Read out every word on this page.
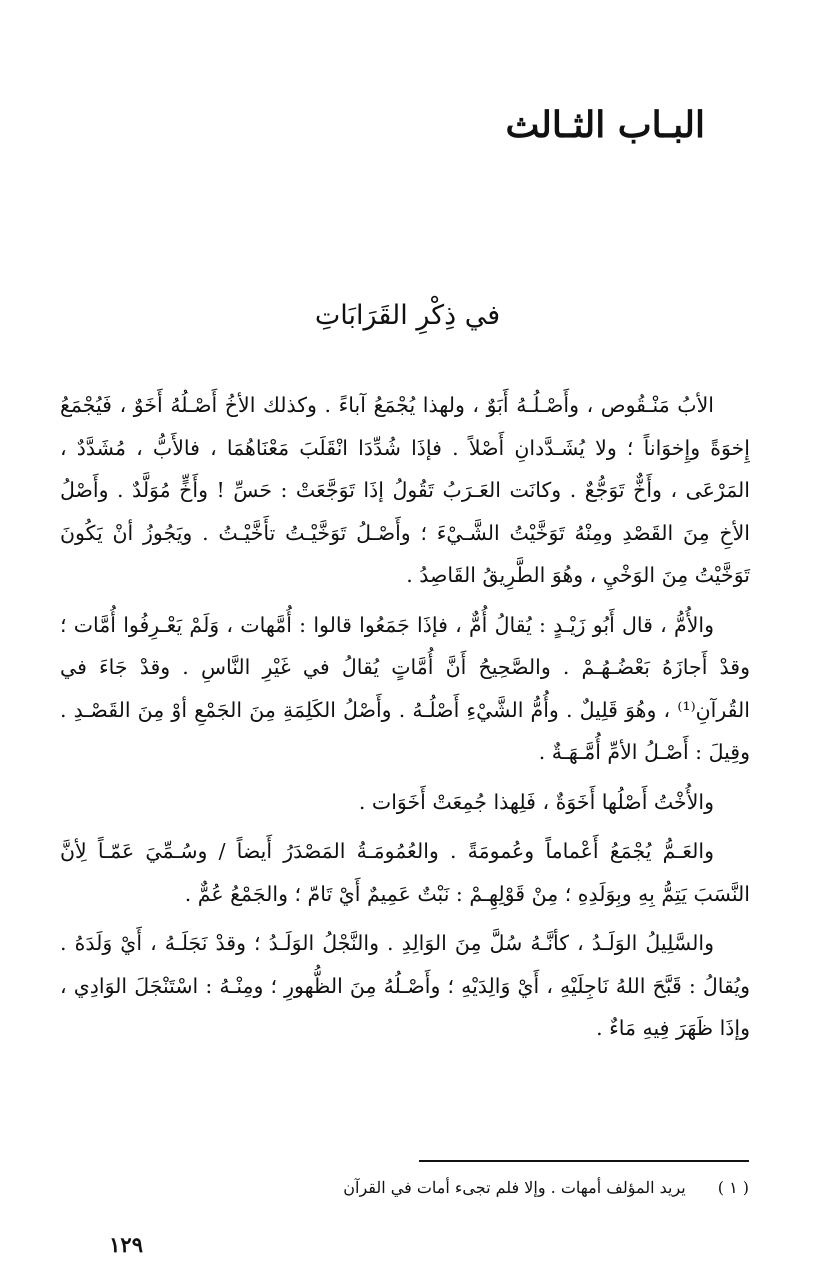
البـاب الثـالث
في ذِكْرِ القَرَابَاتِ

الأبُ مَنْـقُوص ، وأَصْـلُـهُ أَبَوٌ ، ولهذا يُجْمَعُ آباءً . وكذلك الأخُ أَصْـلُهُ أَخَوٌ ، فَيُجْمَعُ إِخوَةً وإِخوَاناً ؛ ولا يُشَـدَّدانِ أَصْلاً . فإذَا شُدِّدَا انْقَلَبَ مَعْنَاهُمَا ، فالأَبُّ ، مُشَدَّدٌ ، المَرْعَى ، وأَخٌّ تَوَجُّعٌ . وكانَت العَـرَبُ تَقُولُ إذَا تَوَجَّعَتْ : حَسِّ ! وأَخٍّ مُوَلَّدٌ . وأَصْلُ الأخِ مِنَ القَصْدِ ومِنْهُ تَوَخَّيْتُ الشَّـيْءَ ؛ وأَصْـلُ تَوَخَّيْـتُ تأَخَّيْـتُ . ويَجُوزُ أنْ يَكُونَ تَوَخَّيْتُ مِنَ الوَخْيِ ، وهُوَ الطَّرِيقُ القَاصِدُ .

والأُمُّ ، قال أَبُو زَيْـدٍ : يُقالُ أُمٌّ ، فإذَا جَمَعُوا قالوا : أُمَّهات ، وَلَمْ يَعْـرِفُوا أُمَّات ؛ وقدْ أَجازَهُ بَعْضُـهُـمْ . والصَّحِيحُ أَنَّ أُمَّاتٍ يُقالُ في غَيْرِ النَّاسِ . وقدْ جَاءَ في القُرآنِ⁽¹⁾ ، وهُوَ قَلِيلٌ . وأُمُّ الشَّيْءِ أَصْلُـهُ . وأَصْلُ الكَلِمَةِ مِنَ الجَمْعِ أوْ مِنَ القَصْـدِ . وقِيلَ : أَصْـلُ الأمِّ أُمَّـهَـةٌ .

والأُخْتُ أَصْلُها أَخَوَةٌ ، فَلِهذا جُمِعَتْ أَخَوَات .

والعَـمُّ يُجْمَعُ أَعْماماً وعُمومَةً . والعُمُومَـةُ المَصْدَرُ أَيضاً / وسُـمِّيَ عَمّـاً لِأنَّ النَّسَبَ يَتِمُّ بِهِ وبِوَلَدِهِ ؛ مِنْ قَوْلِهِـمْ : نَبْتٌ عَمِيمٌ أَيْ تَامّ ؛ والجَمْعُ عُمٌّ .

والسَّلِيلُ الوَلَـدُ ، كأنَّـهُ سُلَّ مِنَ الوَالِدِ . والنَّجْلُ الوَلَـدُ ؛ وقدْ نَجَلَـهُ ، أَيْ وَلَدَهُ . ويُقالُ : قَبَّحَ اللهُ نَاجِلَيْهِ ، أَيْ وَالِدَيْهِ ؛ وأَصْـلُهُ مِنَ الظُّهورِ ؛ ومِنْـهُ : اسْتَنْجَلَ الوَادِي ، وإذَا ظَهَرَ فِيهِ مَاءٌ .

( ١ )يريد المؤلف أمهات . وإلا فلم تجىء أمات في القرآن
١٢٩
